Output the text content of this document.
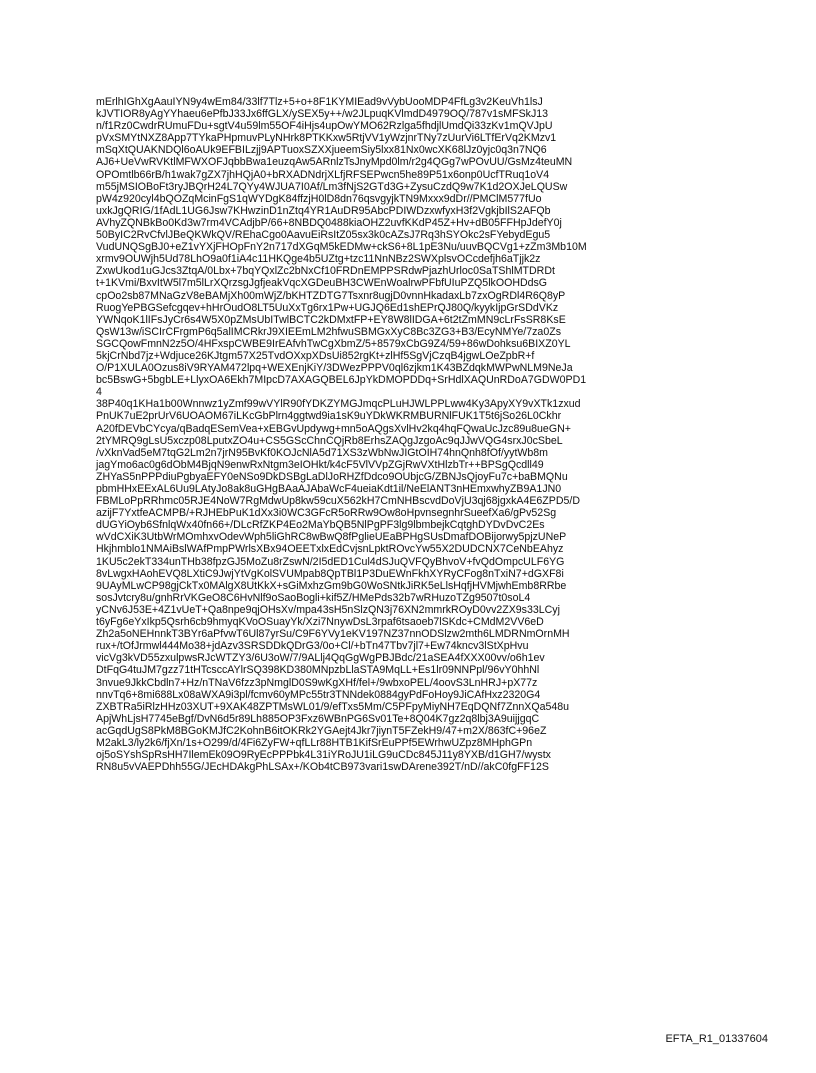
mErlhIGhXgAauIYN9y4wEm84/33lf7Tlz+5+o+8F1KYMIEad9vVybUooMDP4FfLg3v2KeuVh1lsJ
kJVTIOR8yAgYYhaeu6ePfbJ33Jx6ffGLX/ySEX5y++/w2JLpuqKVlmdD4979OQ/787v1sMFSkJ13
n/f1Rz0CwdrRUmuFDu+sgtV4u59lm55OF4iHjs4upOwYMO62Rzlga5fhdjlUmdQi33zKv1mQVJpU
pVxSMYtNXZ8App7TYkaPHpmuvPLyNHrk8PTKKxw5RtjVV1yWzjnrTNy7zUurVi6LTfErVq2KMzv1
mSqXtQUAKNDQl6oAUk9EFBILzjj9APTuoxSZXXjueemSiy5lxx81Nx0wcXK68lJz0yjc0q3n7NQ6
AJ6+UeVwRVKtlMFWXOFJqbbBwa1euzqAw5ARnlzTsJnyMpd0lm/r2g4QGg7wPOvUU/GsMz4teuMN
OPOmtlb66rB/h1wak7gZX7jhHQjA0+bRXADNdrjXLfjRFSEPwcn5he89P51x6onp0UcfTRuq1oV4
m55jMSIOBoFt3ryJBQrH24L7QYy4WJUA7I0Af/Lm3fNjS2GTd3G+ZysuCzdQ9w7K1d2OXJeLQUSw
pW4z920cyl4bQOZqMcinFgS1qWYDgK84ffzjH0lD8dn76qsvgyjkTN9Mxxx9dDr//PMClM577fUo
uxkJgQRIG/1fAdL1UG6Jsw7KHwzinD1nZtq4YR1AuDR95AbcPDIWDzxwfyxH3f2VgkjbIlS2AFQb
AVhyZQNBkBo0Kd3w7rm4VCAdjbP/66+8NBDQ0488kiaOHZ2uvfKKdP45Z+Hv+dB05FFHpJdefY0j
50ByIC2RvCfvlJBeQKWkQV/REhaCgo0AavuEiRsItZ05sx3k0cAZsJ7Rq3hSYOkc2sFYebydEgu5
VudUNQSgBJ0+eZ1vYXjFHOpFnY2n717dXGqM5kEDMw+ckS6+8L1pE3Nu/uuvBQCVg1+zZm3Mb10M
xrmv9OUWjh5Ud78LhO9a0f1iA4c11HKQge4b5UZtg+tzc11NnNBz2SWXplsvOCcdefjh6aTjjk2z
ZxwUkod1uGJcs3ZtqA/0Lbx+7bqYQxlZc2bNxCf10FRDnEMPPSRdwPjazhUrloc0SaTShlMTDRDt
t+1KVmi/BxvItW5l7m5lLrXQrzsgJgfjeakVqcXGDeuBH3CWEnWoalrwPFbfUIuPZQ5lkOOHDdsG
cpOo2sb87MNaGzV8eBAMjXh00mWjZ/bKHTZDTG7Tsxnr8ugjD0vnnHkadaxLb7zxOgRDl4R6Q8yP
RuogYePBGSefcgqev+hHrOudO8LT5UuXxTg6rx1Pw+UGJQ6Ed1shEPrQJ80Q/kyykIjpGrSDdVKz
YWNqoK1lIFsJyCr6s4W5X0pZMsUbITwlBCTC2kDMxtFP+EY8W8lIDGA+6t2tZmMN9cLrFsSR8KsE
QsW13w/iSCIrCFrgmP6q5alIMCRkrJ9XIEEmLM2hfwuSBMGxXyC8Bc3ZG3+B3/EcyNMYe/7za0Zs
SGCQowFmnN2z5O/4HFxspCWBE9IrEAfvhTwCgXbmZ/5+8579xCbG9Z4/59+86wDohksu6BIXZ0YL
5kjCrNbd7jz+Wdjuce26KJtgm57X25TvdOXxpXDsUi852rgKt+zlHf5SgVjCzqB4jgwLOeZpbR+f
O/P1XULA0Ozus8iV9RYAM472lpq+WEXEnjKiY/3DWezPPPV0ql6zjkm1K43BZdqkMWPwNLM9NeJa
bc5BswG+5bgbLE+LlyxOA6Ekh7MIpcD7AXAGQBEL6JpYkDMOPDDq+SrHdlXAQUnRDoA7GDW0PD1
4
38P40q1KHa1b00Wnnwz1yZmf99wVYlR90fYDKZYMGJmqcPLuHJWLPPLww4Ky3ApyXY9vXTk1zxud
PnUK7uE2prUrV6UOAOM67iLKcGbPlrn4ggtwd9ia1sK9uYDkWKRMBURNlFUK1T5t6jSo26L0Ckhr
A20fDEVbCYcya/qBadqESemVea+xEBGvUpdywg+mn5oAQgsXvlHv2kq4hqFQwaUcJzc89u8ueGN+
2tYMRQ9gLsU5xczp08LputxZO4u+CS5GScChnCQjRb8ErhsZAQgJzgoAc9qJJwVQG4srxJ0cSbeL
/vXknVad5eM7tqG2Lm2n7jrN95BvKf0KOJcNlA5d71XS3zWbNwJIGtOIH74hnQnh8fOf/yytWb8m
jagYmo6ac0g6dObM4BjqN9enwRxNtgm3eIOHkt/k4cF5VlVVpZGjRwVXtHlzbTr++BPSgQcdll49
ZHYaS5nPPPdiuPgbyaEFY0eNSo9DkDSBgLaDlJoRHZfDdco9OUbjcG/ZBNJsQjoyFu7c+baBMQNu
pbmHHxEExAL6Uu9LAtyJo8ak8uGHgBAaAJAbaWcF4ueiaKdt1il/NeElANT3nHEmxwhyZB9A1JN0
FBMLoPpRRhmc05RJE4NoW7RgMdwUp8kw59cuX562kH7CmNHBscvdDoVjU3qj68jgxkA4E6ZPD5/D
azijF7YxtfeACMPB/+RJHEbPuK1dXx3i0WC3GFcR5oRRw9Ow8oHpvnsegnhrSueefXa6/gPv52Sg
dUGYiOyb6SfnlqWx40fn66+/DLcRfZKP4Eo2MaYbQB5NlPgPF3lg9lbmbejkCqtghDYDvDvC2Es
wVdCXiK3UtbWrMOmhxvOdevWph5liGhRC8wBwQ8fPglieUEaBPHgSUsDmafDOBijorwy5pjzUNeP
Hkjhmblo1NMAiBslWAfPmpPWrlsXBx94OEETxlxEdCvjsnLpktROvcYw55X2DUDCNX7CeNbEAhyz
1KU5c2ekT334unTHb38fpzGJ5MoZu8rZswN/2I5dED1Cul4dSJuQVFQyBhvoV+fvQdOmpcULF6YG
8vLwgxHAohEVQ8LXtiC9JwjYtVgKolSVUMpab8QpTBl1P3DuEWnFkhXYRyCFog8nTxiN7+dGXF8i
9UAyMLwCP98gjCkTx0MAlgX8UtKkX+sGiMxhzGm9bG0WoSNtkJiRK5eLlsHqfjHVMjwhEmb8RRbe
sosJvtcry8u/gnhRrVKGeO8C6HvNlf9oSaoBogli+kif5Z/HMePds32b7wRHuzoTZg9507t0soL4
yCNv6J53E+4Z1vUeT+Qa8npe9qjOHsXv/mpa43sH5nSlzQN3j76XN2mmrkROyD0vv2ZX9s33LCyj
t6yFg6eYxIkp5Qsrh6cb9hmyqKVoOSuayYk/Xzi7NnywDsL3rpaf6tsaoeb7lSKdc+CMdM2VV6eD
Zh2a5oNEHnnkT3BYr6aPfvwT6Ul87yrSu/C9F6YVy1eKV197NZ37nnODSlzw2mth6LMDRNmOrnMH
rux+/tOfJrmwl444Mo38+jdAzv3SRSDDkQDrG3/0o+Cl/+bTn47Tbv7jl7+Ew74kncv3lStXpHvu
vicVg3kVD55zxulpwsRJcWTZY3/6U3oW/7/9ALlj4QqGgWgPBJBdc/21aSEA4fXXX00vv/o6h1ev
DtFqG4tuJM7gzz71tHTcsccAYlrSQ398KD380MNpzbLlaSTA9MqLL+Es1lr09NNPpl/96vY0hhNl
3nvue9JkkCbdln7+Hz/nTNaV6fzz3pNmglD0S9wKgXHf/fel+/9wbxoPEL/4oovS3LnHRJ+pX77z
nnvTq6+8mi688Lx08aWXA9i3pl/fcmv60yMPc55tr3TNNdek0884gyPdFoHoy9JiCAfHxz2320G4
ZXBTRa5iRlzHHz03XUT+9XAK48ZPTMsWL01/9/efTxs5Mm/C5PFpyMiyNH7EqDQNf7ZnnXQa548u
ApjWhLjsH7745eBgf/DvN6d5r89Lh885OP3Fxz6WBnPG6Sv01Te+8Q04K7gz2q8lbj3A9uijjgqC
acGqdUgS8PkM8BGoKMJfC2KohnB6itOKRk2YGAejt4Jkr7jiynT5FZekH9/47+m2X/863fC+96eZ
M2akL3/ly2k6/fjXn/1s+O299/d/4Fi6ZyFW+qfLLr88HTB1KifSrEuPPf5EWrhwUZpz8MHphGPn
oj5oSYshSpRsHH7IlemEk09O9RyEcPPPbk4L31iYRoJU1iLG9uCDc845J11y8YXB/d1GH7/wystx
RN8u5vVAEPDhh55G/JEcHDAkgPhLSAx+/KOb4tCB973vari1swDArene392T/nD//akC0fgFF12S
EFTA_R1_01337604
